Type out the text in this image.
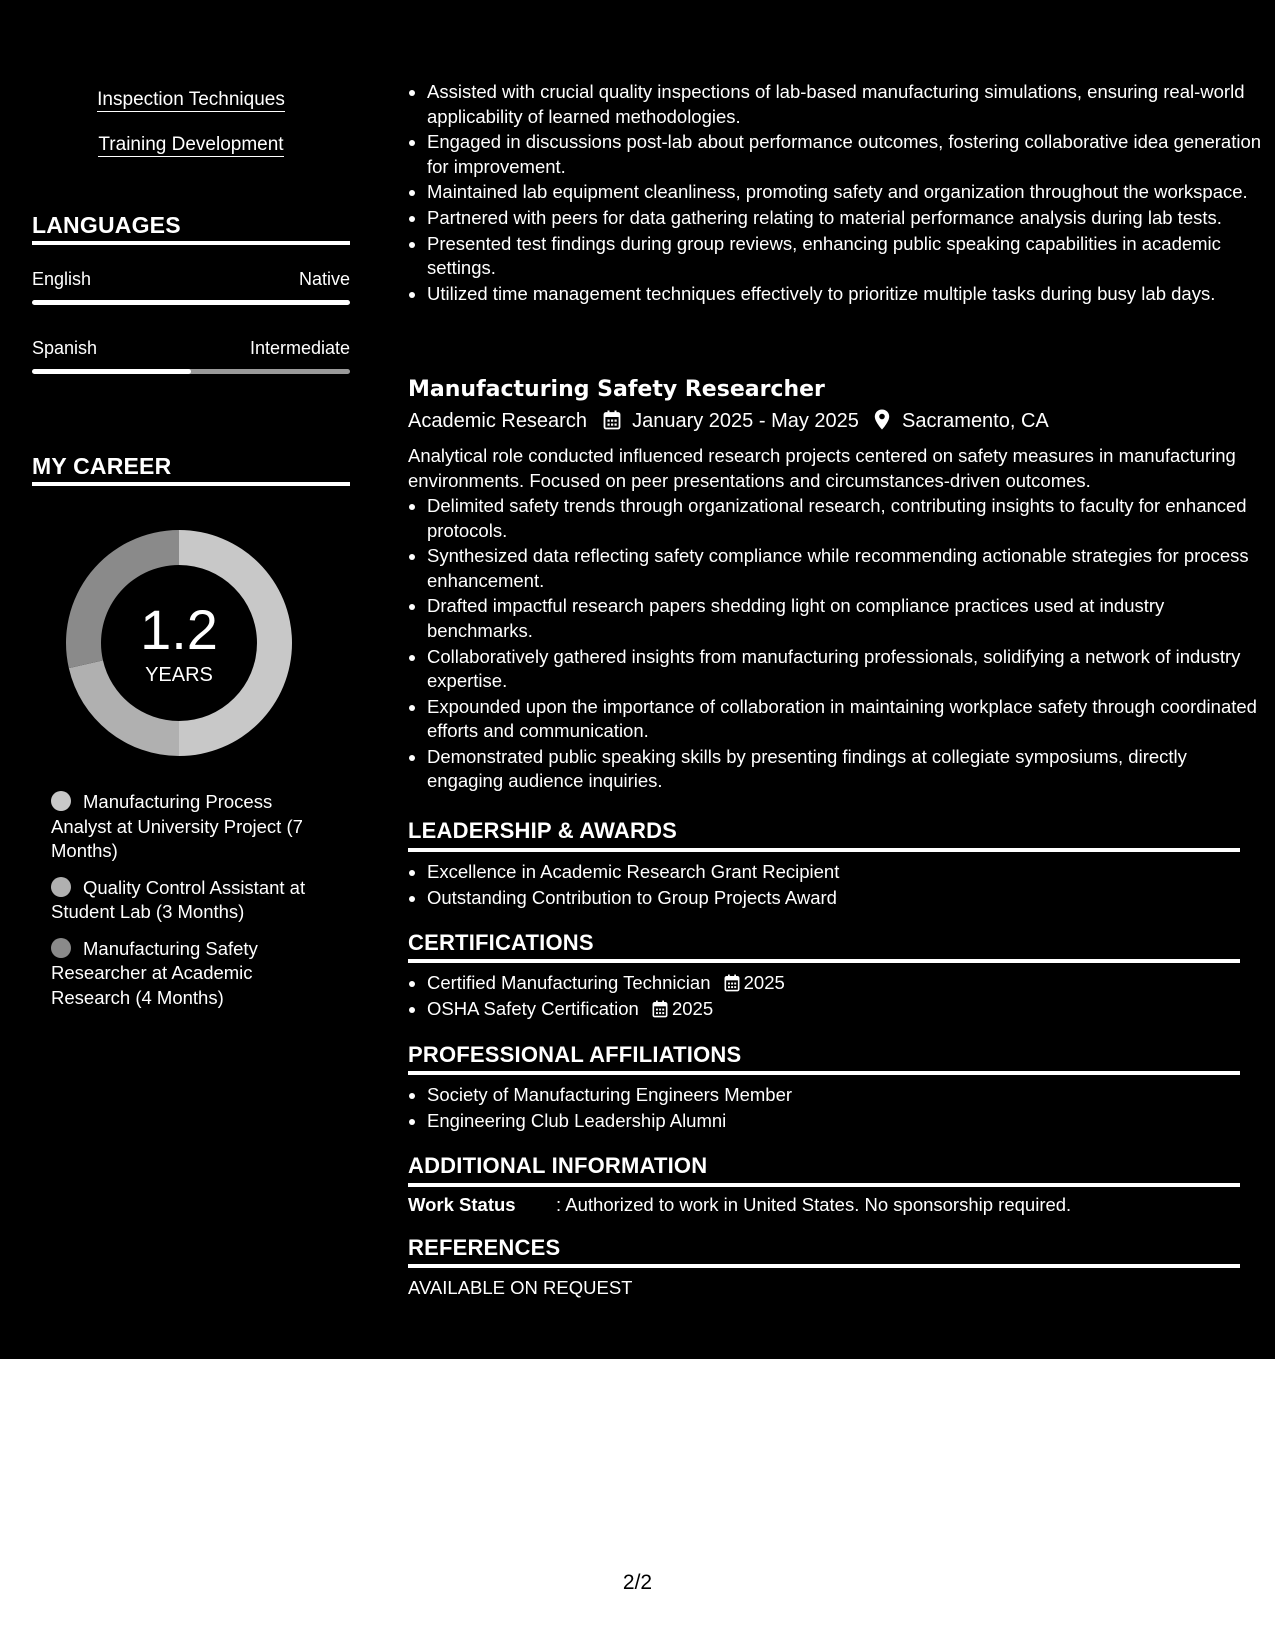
Inspection Techniques
Training Development
LANGUAGES
English	Native
Spanish	Intermediate
MY CAREER
1.2
YEARS
Manufacturing Process Analyst at University Project (7 Months)
Quality Control Assistant at Student Lab (3 Months)
Manufacturing Safety Researcher at Academic Research (4 Months)
• Assisted with crucial quality inspections of lab-based manufacturing simulations, ensuring real-world applicability of learned methodologies.
• Engaged in discussions post-lab about performance outcomes, fostering collaborative idea generation for improvement.
• Maintained lab equipment cleanliness, promoting safety and organization throughout the workspace.
• Partnered with peers for data gathering relating to material performance analysis during lab tests.
• Presented test findings during group reviews, enhancing public speaking capabilities in academic settings.
• Utilized time management techniques effectively to prioritize multiple tasks during busy lab days.
Manufacturing Safety Researcher
Academic Research January 2025 - May 2025 Sacramento, CA
Analytical role conducted influenced research projects centered on safety measures in manufacturing environments. Focused on peer presentations and circumstances-driven outcomes.
• Delimited safety trends through organizational research, contributing insights to faculty for enhanced protocols.
• Synthesized data reflecting safety compliance while recommending actionable strategies for process enhancement.
• Drafted impactful research papers shedding light on compliance practices used at industry benchmarks.
• Collaboratively gathered insights from manufacturing professionals, solidifying a network of industry expertise.
• Expounded upon the importance of collaboration in maintaining workplace safety through coordinated efforts and communication.
• Demonstrated public speaking skills by presenting findings at collegiate symposiums, directly engaging audience inquiries.
LEADERSHIP & AWARDS
• Excellence in Academic Research Grant Recipient
• Outstanding Contribution to Group Projects Award
CERTIFICATIONS
• Certified Manufacturing Technician 2025
• OSHA Safety Certification 2025
PROFESSIONAL AFFILIATIONS
• Society of Manufacturing Engineers Member
• Engineering Club Leadership Alumni
ADDITIONAL INFORMATION
Work Status : Authorized to work in United States. No sponsorship required.
REFERENCES
AVAILABLE ON REQUEST
2/2
